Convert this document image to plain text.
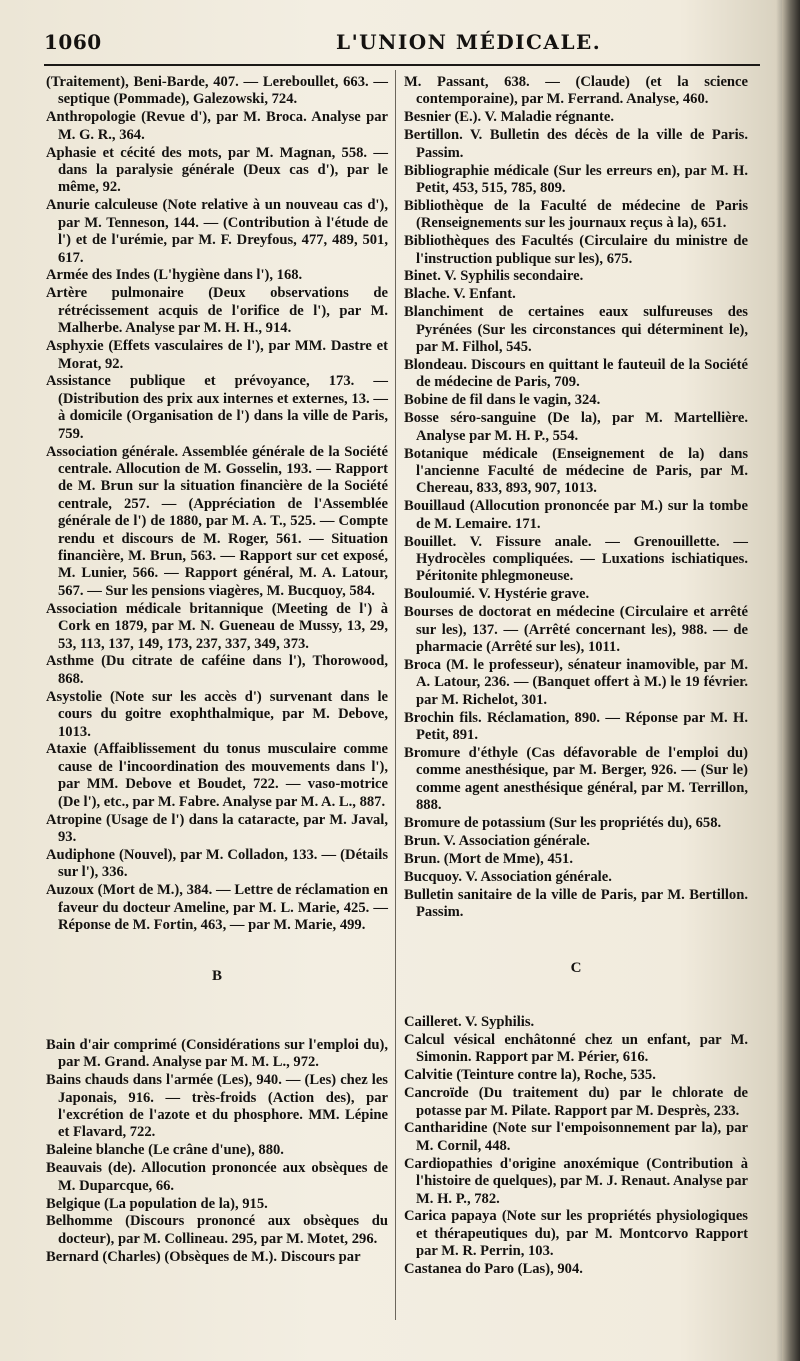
1060	L'UNION MÉDICALE.

(Traitement), Beni-Barde, 407. — Lereboullet, 663. — septique (Pommade), Galezowski, 724.

Anthropologie (Revue d'), par M. Broca. Analyse par M. G. R., 364.

Aphasie et cécité des mots, par M. Magnan, 558. — dans la paralysie générale (Deux cas d'), par le même, 92.

Anurie calculeuse (Note relative à un nouveau cas d'), par M. Tenneson, 144. — (Contribution à l'étude de l') et de l'urémie, par M. F. Dreyfous, 477, 489, 501, 617.

Armée des Indes (L'hygiène dans l'), 168.

Artère pulmonaire (Deux observations de rétrécissement acquis de l'orifice de l'), par M. Malherbe. Analyse par M. H. H., 914.

Asphyxie (Effets vasculaires de l'), par MM. Dastre et Morat, 92.

Assistance publique et prévoyance, 173. — (Distribution des prix aux internes et externes, 13. — à domicile (Organisation de l') dans la ville de Paris, 759.

Association générale. Assemblée générale de la Société centrale. Allocution de M. Gosselin, 193. — Rapport de M. Brun sur la situation financière de la Société centrale, 257. — (Appréciation de l'Assemblée générale de l') de 1880, par M. A. T., 525. — Compte rendu et discours de M. Roger, 561. — Situation financière, M. Brun, 563. — Rapport sur cet exposé, M. Lunier, 566. — Rapport général, M. A. Latour, 567. — Sur les pensions viagères, M. Bucquoy, 584.

Association médicale britannique (Meeting de l') à Cork en 1879, par M. N. Gueneau de Mussy, 13, 29, 53, 113, 137, 149, 173, 237, 337, 349, 373.

Asthme (Du citrate de caféine dans l'), Thorowood, 868.

Asystolie (Note sur les accès d') survenant dans le cours du goitre exophthalmique, par M. Debove, 1013.

Ataxie (Affaiblissement du tonus musculaire comme cause de l'incoordination des mouvements dans l'), par MM. Debove et Boudet, 722. — vaso-motrice (De l'), etc., par M. Fabre. Analyse par M. A. L., 887.

Atropine (Usage de l') dans la cataracte, par M. Javal, 93.

Audiphone (Nouvel), par M. Colladon, 133. — (Détails sur l'), 336.

Auzoux (Mort de M.), 384. — Lettre de réclamation en faveur du docteur Ameline, par M. L. Marie, 425. — Réponse de M. Fortin, 463, — par M. Marie, 499.

B

Bain d'air comprimé (Considérations sur l'emploi du), par M. Grand. Analyse par M. M. L., 972.

Bains chauds dans l'armée (Les), 940. — (Les) chez les Japonais, 916. — très-froids (Action des), par l'excrétion de l'azote et du phosphore. MM. Lépine et Flavard, 722.

Baleine blanche (Le crâne d'une), 880.

Beauvais (de). Allocution prononcée aux obsèques de M. Duparcque, 66.

Belgique (La population de la), 915.

Belhomme (Discours prononcé aux obsèques du docteur), par M. Collineau. 295, par M. Motet, 296.

Bernard (Charles) (Obsèques de M.). Discours par

M. Passant, 638. — (Claude) (et la science contemporaine), par M. Ferrand. Analyse, 460.

Besnier (E.). V. Maladie régnante.

Bertillon. V. Bulletin des décès de la ville de Paris. Passim.

Bibliographie médicale (Sur les erreurs en), par M. H. Petit, 453, 515, 785, 809.

Bibliothèque de la Faculté de médecine de Paris (Renseignements sur les journaux reçus à la), 651.

Bibliothèques des Facultés (Circulaire du ministre de l'instruction publique sur les), 675.

Binet. V. Syphilis secondaire.

Blache. V. Enfant.

Blanchiment de certaines eaux sulfureuses des Pyrénées (Sur les circonstances qui déterminent le), par M. Filhol, 545.

Blondeau. Discours en quittant le fauteuil de la Société de médecine de Paris, 709.

Bobine de fil dans le vagin, 324.

Bosse séro-sanguine (De la), par M. Martellière. Analyse par M. H. P., 554.

Botanique médicale (Enseignement de la) dans l'ancienne Faculté de médecine de Paris, par M. Chereau, 833, 893, 907, 1013.

Bouillaud (Allocution prononcée par M.) sur la tombe de M. Lemaire. 171.

Bouillet. V. Fissure anale. — Grenouillette. — Hydrocèles compliquées. — Luxations ischiatiques. Péritonite phlegmoneuse.

Bouloumié. V. Hystérie grave.

Bourses de doctorat en médecine (Circulaire et arrêté sur les), 137. — (Arrêté concernant les), 988. — de pharmacie (Arrêté sur les), 1011.

Broca (M. le professeur), sénateur inamovible, par M. A. Latour, 236. — (Banquet offert à M.) le 19 février. par M. Richelot, 301.

Brochin fils. Réclamation, 890. — Réponse par M. H. Petit, 891.

Bromure d'éthyle (Cas défavorable de l'emploi du) comme anesthésique, par M. Berger, 926. — (Sur le) comme agent anesthésique général, par M. Terrillon, 888.

Bromure de potassium (Sur les propriétés du), 658.

Brun. V. Association générale.

Brun. (Mort de Mme), 451.

Bucquoy. V. Association générale.

Bulletin sanitaire de la ville de Paris, par M. Bertillon. Passim.

C

Cailleret. V. Syphilis.

Calcul vésical enchâtonné chez un enfant, par M. Simonin. Rapport par M. Périer, 616.

Calvitie (Teinture contre la), Roche, 535.

Cancroïde (Du traitement du) par le chlorate de potasse par M. Pilate. Rapport par M. Desprès, 233.

Cantharidine (Note sur l'empoisonnement par la), par M. Cornil, 448.

Cardiopathies d'origine anoxémique (Contribution à l'histoire de quelques), par M. J. Renaut. Analyse par M. H. P., 782.

Carica papaya (Note sur les propriétés physiologiques et thérapeutiques du), par M. Montcorvo Rapport par M. R. Perrin, 103.

Castanea do Paro (Las), 904.
